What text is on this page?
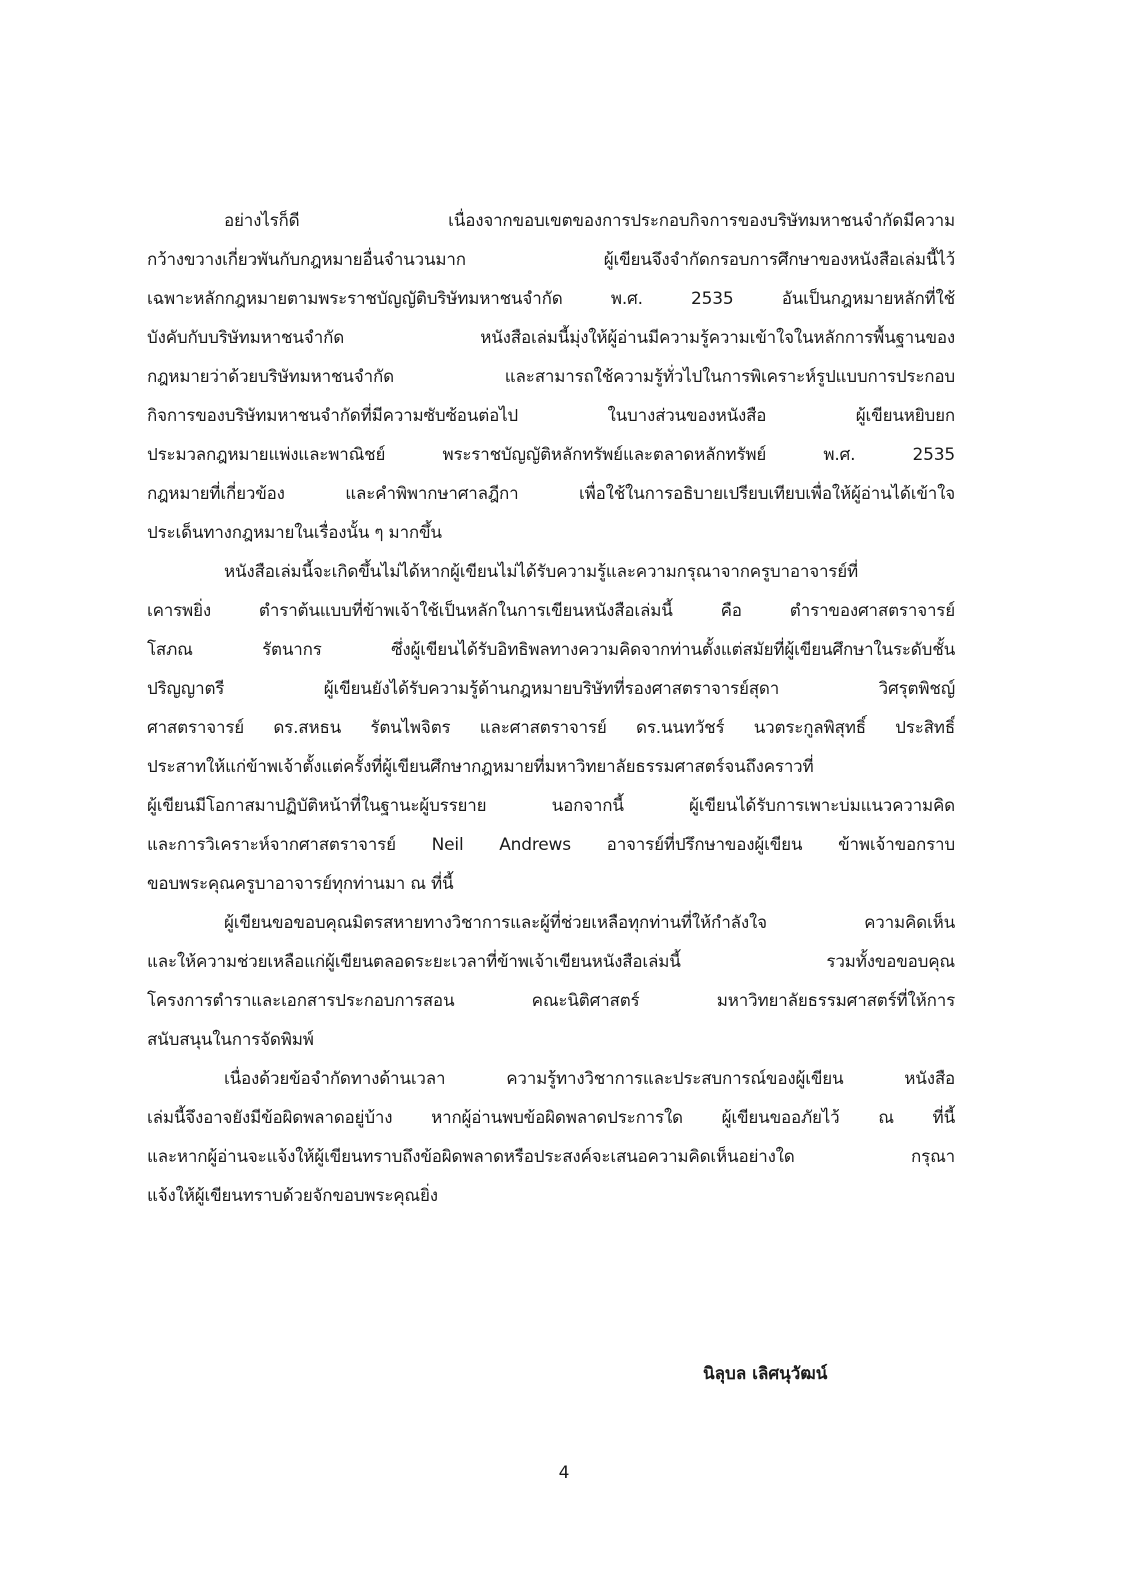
อย่างไรก็ดี เนื่องจากขอบเขตของการประกอบกิจการของบริษัทมหาชนจำกัดมีความ
กว้างขวางเกี่ยวพันกับกฎหมายอื่นจำนวนมาก ผู้เขียนจึงจำกัดกรอบการศึกษาของหนังสือเล่มนี้ไว้
เฉพาะหลักกฎหมายตามพระราชบัญญัติบริษัทมหาชนจำกัด พ.ศ. 2535 อันเป็นกฎหมายหลักที่ใช้
บังคับกับบริษัทมหาชนจำกัด หนังสือเล่มนี้มุ่งให้ผู้อ่านมีความรู้ความเข้าใจในหลักการพื้นฐานของ
กฎหมายว่าด้วยบริษัทมหาชนจำกัด และสามารถใช้ความรู้ทั่วไปในการพิเคราะห์รูปแบบการประกอบ
กิจการของบริษัทมหาชนจำกัดที่มีความซับซ้อนต่อไป ในบางส่วนของหนังสือ ผู้เขียนหยิบยก
ประมวลกฎหมายแพ่งและพาณิชย์ พระราชบัญญัติหลักทรัพย์และตลาดหลักทรัพย์ พ.ศ. 2535
กฎหมายที่เกี่ยวข้อง และคำพิพากษาศาลฎีกา เพื่อใช้ในการอธิบายเปรียบเทียบเพื่อให้ผู้อ่านได้เข้าใจ
ประเด็นทางกฎหมายในเรื่องนั้น ๆ มากขึ้น
หนังสือเล่มนี้จะเกิดขึ้นไม่ได้หากผู้เขียนไม่ได้รับความรู้และความกรุณาจากครูบาอาจารย์ที่
เคารพยิ่ง ตำราต้นแบบที่ข้าพเจ้าใช้เป็นหลักในการเขียนหนังสือเล่มนี้ คือ ตำราของศาสตราจารย์
โสภณ รัตนากร ซึ่งผู้เขียนได้รับอิทธิพลทางความคิดจากท่านตั้งแต่สมัยที่ผู้เขียนศึกษาในระดับชั้น
ปริญญาตรี ผู้เขียนยังได้รับความรู้ด้านกฎหมายบริษัทที่รองศาสตราจารย์สุดา วิศรุตพิชญ์
ศาสตราจารย์ ดร.สหธน รัตนไพจิตร และศาสตราจารย์ ดร.นนทวัชร์ นวตระกูลพิสุทธิ์ ประสิทธิ์
ประสาทให้แก่ข้าพเจ้าตั้งแต่ครั้งที่ผู้เขียนศึกษากฎหมายที่มหาวิทยาลัยธรรมศาสตร์จนถึงคราวที่
ผู้เขียนมีโอกาสมาปฏิบัติหน้าที่ในฐานะผู้บรรยาย นอกจากนี้ ผู้เขียนได้รับการเพาะบ่มแนวความคิด
และการวิเคราะห์จากศาสตราจารย์ Neil Andrews อาจารย์ที่ปรึกษาของผู้เขียน ข้าพเจ้าขอกราบ
ขอบพระคุณครูบาอาจารย์ทุกท่านมา ณ ที่นี้
ผู้เขียนขอขอบคุณมิตรสหายทางวิชาการและผู้ที่ช่วยเหลือทุกท่านที่ให้กำลังใจ ความคิดเห็น
และให้ความช่วยเหลือแก่ผู้เขียนตลอดระยะเวลาที่ข้าพเจ้าเขียนหนังสือเล่มนี้ รวมทั้งขอขอบคุณ
โครงการตำราและเอกสารประกอบการสอน คณะนิติศาสตร์ มหาวิทยาลัยธรรมศาสตร์ที่ให้การ
สนับสนุนในการจัดพิมพ์
เนื่องด้วยข้อจำกัดทางด้านเวลา ความรู้ทางวิชาการและประสบการณ์ของผู้เขียน หนังสือ
เล่มนี้จึงอาจยังมีข้อผิดพลาดอยู่บ้าง หากผู้อ่านพบข้อผิดพลาดประการใด ผู้เขียนขออภัยไว้ ณ ที่นี้
และหากผู้อ่านจะแจ้งให้ผู้เขียนทราบถึงข้อผิดพลาดหรือประสงค์จะเสนอความคิดเห็นอย่างใด กรุณา
แจ้งให้ผู้เขียนทราบด้วยจักขอบพระคุณยิ่ง
นิลุบล เลิศนุวัฒน์
4
